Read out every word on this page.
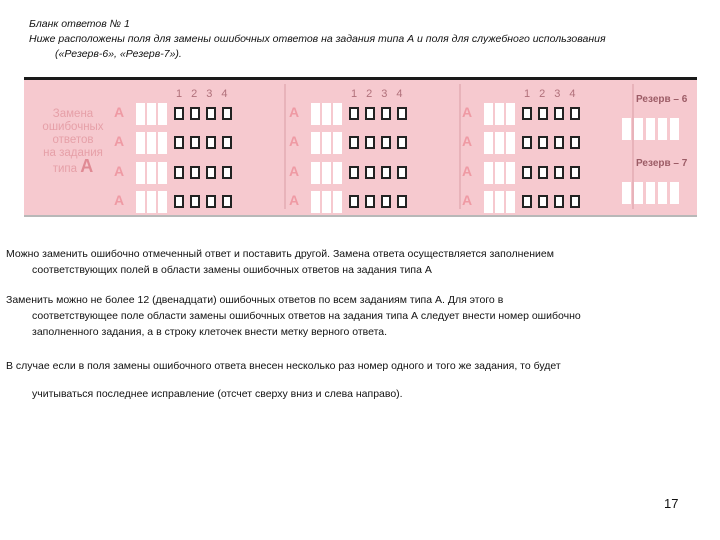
Бланк ответов № 1
Ниже расположены поля для замены ошибочных ответов на задания типа А и поля для служебного использования
(«Резерв-6», «Резерв-7»).
Замена
ошибочных
ответов
на задания
типа А
1 2 3 4
А
А
А
А
1 2 3 4
А
А
А
А
1 2 3 4
А
А
А
А
Резерв – 6
Резерв – 7
Можно заменить ошибочно отмеченный ответ и поставить другой. Замена ответа осуществляется заполнением
соответствующих полей в области замены ошибочных ответов на задания типа А
Заменить можно не более 12 (двенадцати) ошибочных ответов по всем заданиям типа А. Для этого в
соответствующее поле области замены ошибочных ответов на задания типа А следует внести номер ошибочно
заполненного задания, а в строку клеточек внести метку верного ответа.
В случае если в поля замены ошибочного ответа внесен несколько раз номер одного и того же задания, то будет
учитываться последнее исправление (отсчет сверху вниз и слева направо).
17
